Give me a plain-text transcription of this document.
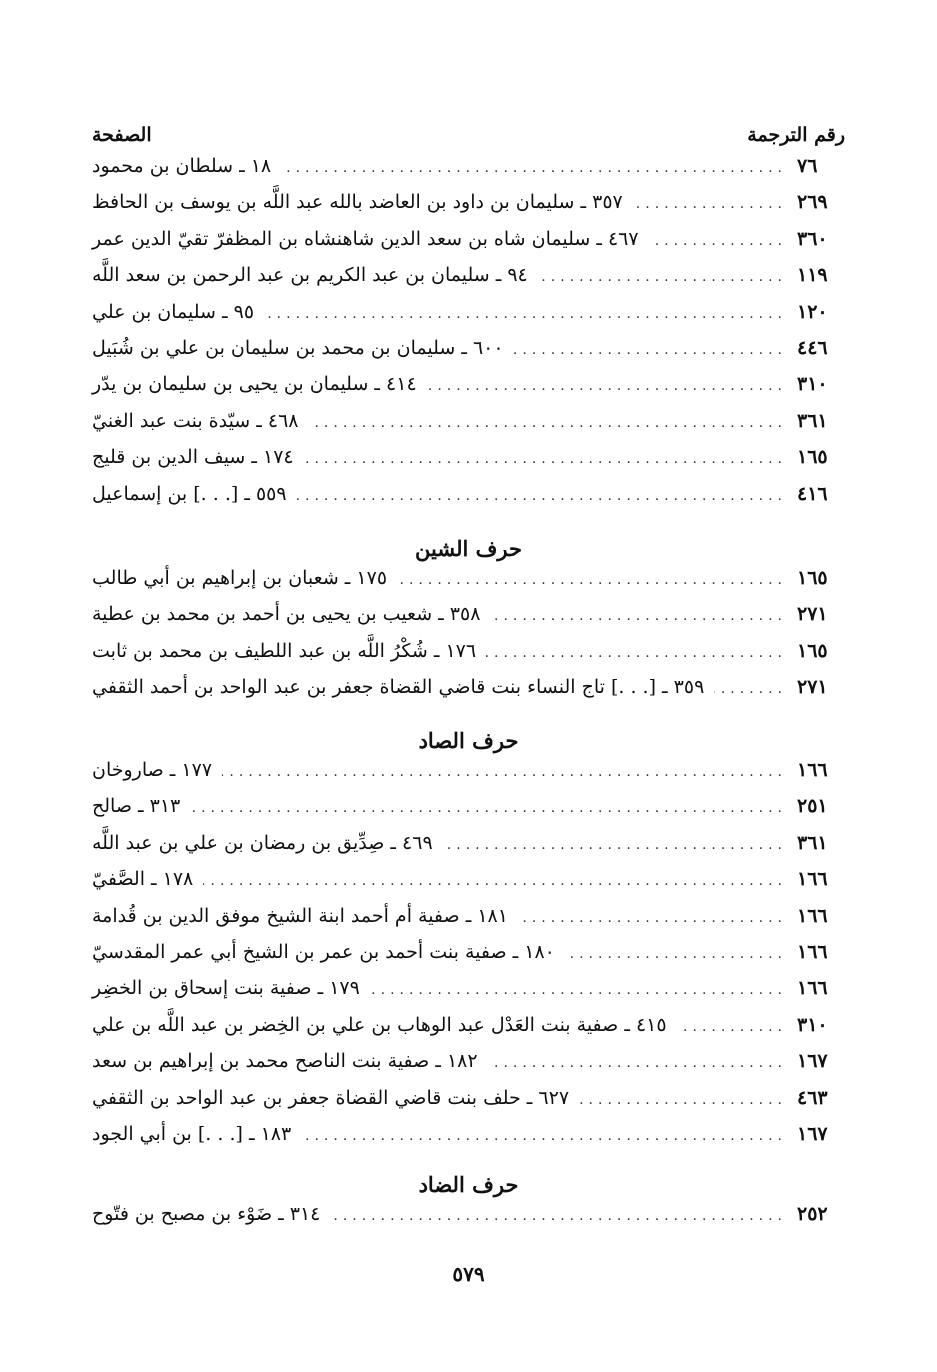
رقم الترجمة
الصفحة
١٨ ـ سلطان بن محمود .....	٧٦
٣٥٧ ـ سليمان بن داود بن العاضد بالله عبد اللَّه بن يوسف بن الحافظ .....	٢٦٩
٤٦٧ ـ سليمان شاه بن سعد الدين شاهنشاه بن المظفرّ تقيّ الدين عمر .....	٣٦٠
٩٤ ـ سليمان بن عبد الكريم بن عبد الرحمن بن سعد اللَّه .....	١١٩
٩٥ ـ سليمان بن علي .....	١٢٠
٦٠٠ ـ سليمان بن محمد بن سليمان بن علي بن شُبَيل .....	٤٤٦
٤١٤ ـ سليمان بن يحيى بن سليمان بن يدّر .....	٣١٠
٤٦٨ ـ سيّدة بنت عبد الغنيّ .....	٣٦١
١٧٤ ـ سيف الدين بن قليج .....	١٦٥
٥٥٩ ـ [. . .] بن إسماعيل .....	٤١٦
حرف الشين
١٧٥ ـ شعبان بن إبراهيم بن أبي طالب .....	١٦٥
٣٥٨ ـ شعيب بن يحيى بن أحمد بن محمد بن عطية .....	٢٧١
١٧٦ ـ شُكْرُ اللَّه بن عبد اللطيف بن محمد بن ثابت .....	١٦٥
٣٥٩ ـ [. . .] تاج النساء بنت قاضي القضاة جعفر بن عبد الواحد بن أحمد الثقفي .....	٢٧١
حرف الصاد
١٧٧ ـ صاروخان .....	١٦٦
٣١٣ ـ صالح .....	٢٥١
٤٦٩ ـ صِدِّيق بن رمضان بن علي بن عبد اللَّه .....	٣٦١
١٧٨ ـ الصَّفيّ .....	١٦٦
١٨١ ـ صفية أم أحمد ابنة الشيخ موفق الدين بن قُدامة .....	١٦٦
١٨٠ ـ صفية بنت أحمد بن عمر بن الشيخ أبي عمر المقدسيّ .....	١٦٦
١٧٩ ـ صفية بنت إسحاق بن الخضِر .....	١٦٦
٤١٥ ـ صفية بنت العَدْل عبد الوهاب بن علي بن الخِضر بن عبد اللَّه بن علي .....	٣١٠
١٨٢ ـ صفية بنت الناصح محمد بن إبراهيم بن سعد .....	١٦٧
٦٢٧ ـ حلف بنت قاضي القضاة جعفر بن عبد الواحد بن الثقفي .....	٤٦٣
١٨٣ ـ [. . .] بن أبي الجود .....	١٦٧
حرف الضاد
٣١٤ ـ ضَوْء بن مصبح بن فتّوح .....	٢٥٢
٥٧٩
